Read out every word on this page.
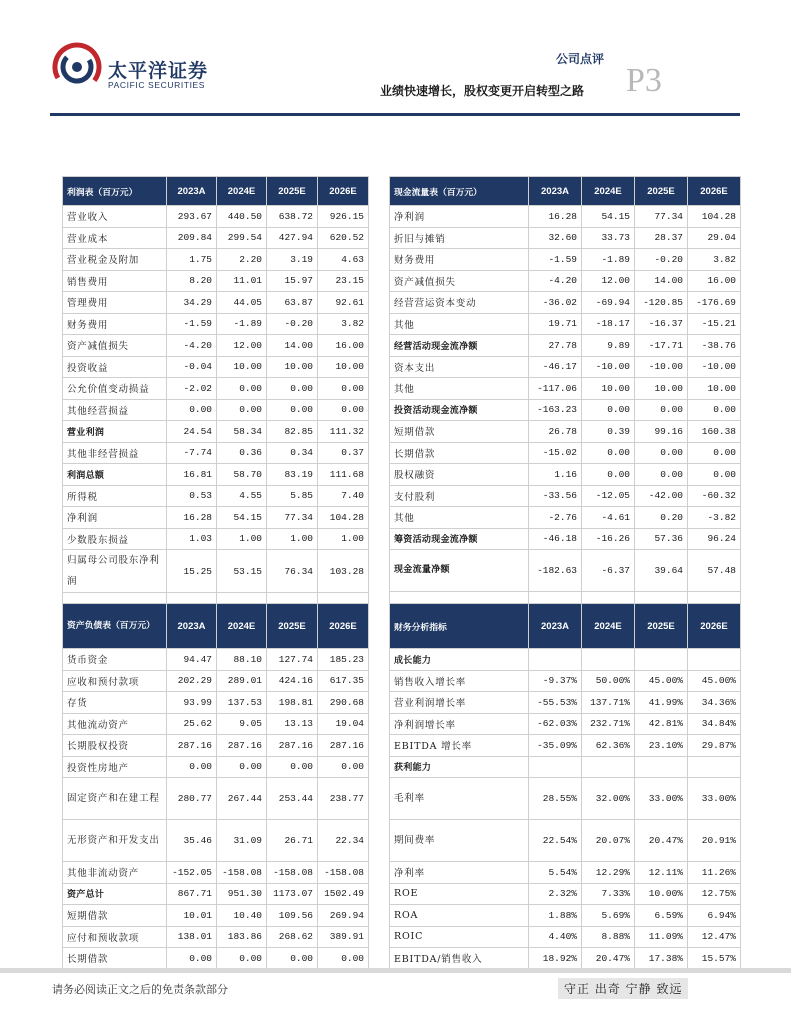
太平洋证券
PACIFIC SECURITIES
公司点评
业绩快速增长，股权变更开启转型之路 P3
利润表（百万元）	2023A	2024E	2025E	2026E
营业收入	293.67	440.50	638.72	926.15
营业成本	209.84	299.54	427.94	620.52
营业税金及附加	1.75	2.20	3.19	4.63
销售费用	8.20	11.01	15.97	23.15
管理费用	34.29	44.05	63.87	92.61
财务费用	-1.59	-1.89	-0.20	3.82
资产减值损失	-4.20	12.00	14.00	16.00
投资收益	-0.04	10.00	10.00	10.00
公允价值变动损益	-2.02	0.00	0.00	0.00
其他经营损益	0.00	0.00	0.00	0.00
营业利润	24.54	58.34	82.85	111.32
其他非经营损益	-7.74	0.36	0.34	0.37
利润总额	16.81	58.70	83.19	111.68
所得税	0.53	4.55	5.85	7.40
净利润	16.28	54.15	77.34	104.28
少数股东损益	1.03	1.00	1.00	1.00
归属母公司股东净利润	15.25	53.15	76.34	103.28

现金流量表（百万元）	2023A	2024E	2025E	2026E
净利润	16.28	54.15	77.34	104.28
折旧与摊销	32.60	33.73	28.37	29.04
财务费用	-1.59	-1.89	-0.20	3.82
资产减值损失	-4.20	12.00	14.00	16.00
经营营运资本变动	-36.02	-69.94	-120.85	-176.69
其他	19.71	-18.17	-16.37	-15.21
经营活动现金流净额	27.78	9.89	-17.71	-38.76
资本支出	-46.17	-10.00	-10.00	-10.00
其他	-117.06	10.00	10.00	10.00
投资活动现金流净额	-163.23	0.00	0.00	0.00
短期借款	26.78	0.39	99.16	160.38
长期借款	-15.02	0.00	0.00	0.00
股权融资	1.16	0.00	0.00	0.00
支付股利	-33.56	-12.05	-42.00	-60.32
其他	-2.76	-4.61	0.20	-3.82
筹资活动现金流净额	-46.18	-16.26	57.36	96.24
现金流量净额	-182.63	-6.37	39.64	57.48

资产负债表（百万元）	2023A	2024E	2025E	2026E
货币资金	94.47	88.10	127.74	185.23
应收和预付款项	202.29	289.01	424.16	617.35
存货	93.99	137.53	198.81	290.68
其他流动资产	25.62	9.05	13.13	19.04
长期股权投资	287.16	287.16	287.16	287.16
投资性房地产	0.00	0.00	0.00	0.00
固定资产和在建工程	280.77	267.44	253.44	238.77
无形资产和开发支出	35.46	31.09	26.71	22.34
其他非流动资产	-152.05	-158.08	-158.08	-158.08
资产总计	867.71	951.30	1173.07	1502.49
短期借款	10.01	10.40	109.56	269.94
应付和预收款项	138.01	183.86	268.62	389.91
长期借款	0.00	0.00	0.00	0.00
财务分析指标	2023A	2024E	2025E	2026E
成长能力				
销售收入增长率	-9.37%	50.00%	45.00%	45.00%
营业利润增长率	-55.53%	137.71%	41.99%	34.36%
净利润增长率	-62.03%	232.71%	42.81%	34.84%
EBITDA 增长率	-35.09%	62.36%	23.10%	29.87%
获利能力				
毛利率	28.55%	32.00%	33.00%	33.00%
期间费率	22.54%	20.07%	20.47%	20.91%
净利率	5.54%	12.29%	12.11%	11.26%
ROE	2.32%	7.33%	10.00%	12.75%
ROA	1.88%	5.69%	6.59%	6.94%
ROIC	4.40%	8.88%	11.09%	12.47%
EBITDA/销售收入	18.92%	20.47%	17.38%	15.57%
请务必阅读正文之后的免责条款部分	守正 出奇 宁静 致远
